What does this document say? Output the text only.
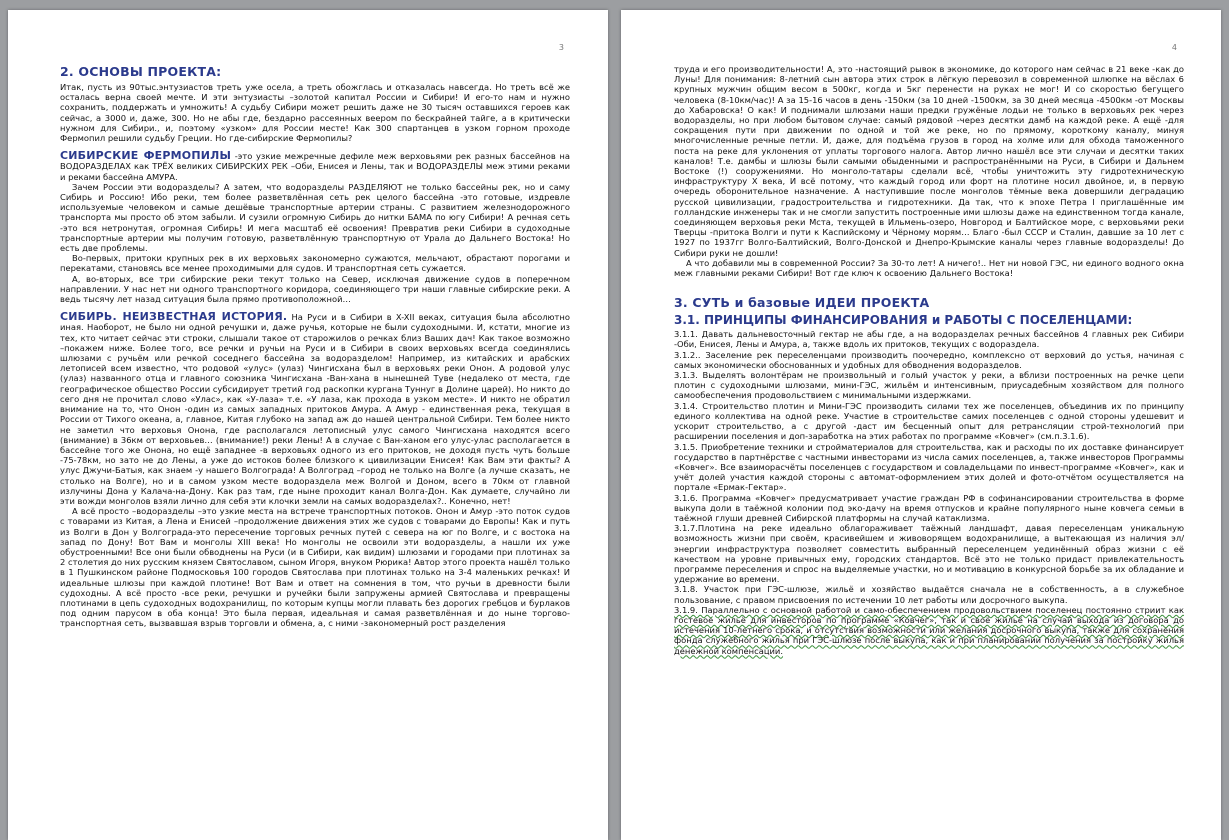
3
2. ОСНОВЫ ПРОЕКТА:

Итак, пусть из 90тыс.энтузиастов треть уже осела, а треть обожглась и отказалась навсегда. Но треть всё же осталась верна своей мечте. И эти энтузиасты –золотой капитал России и Сибири! И его-то нам и нужно сохранить, поддержать и умножить! А судьбу Сибири может решить даже не 30 тысяч оставшихся героев как сейчас, а 3000 и, даже, 300. Но не абы где, бездарно рассеянных веером по бескрайней тайге, а в критически нужном для Сибири., и, поэтому «узком» для России месте! Как 300 спартанцев в узком горном проходе Фермопил решили судьбу Греции. Но где-сибирские Фермопилы?

СИБИРСКИЕ ФЕРМОПИЛЫ -это узкие межречные дефиле меж верховьями рек разных бассейнов на ВОДОРАЗДЕЛАХ как ТРЁХ великих СИБИРСКИХ РЕК –Оби, Енисея и Лены, так и ВОДОРАЗДЕЛЫ меж этими реками и реками бассейна АМУРА.

Зачем России эти водоразделы? А затем, что водоразделы РАЗДЕЛЯЮТ не только бассейны рек, но и саму Сибирь и Россию! Ибо реки, тем более разветвлённая сеть рек целого бассейна -это готовые, издревле используемые человеком и самые дешёвые транспортные артерии страны. С развитием железнодорожного транспорта мы просто об этом забыли. И сузили огромную Сибирь до нитки БАМА по югу Сибири! А речная сеть -это вся нетронутая, огромная Сибирь! И мега масштаб её освоения! Превратив реки Сибири в судоходные транспортные артерии мы получим готовую, разветвлённую транспортную от Урала до Дальнего Востока! Но есть две проблемы.

Во-первых, притоки крупных рек в их верховьях закономерно сужаются, мельчают, обрастают порогами и перекатами, становясь все менее проходимыми для судов. И транспортная сеть сужается.

А, во-вторых, все три сибирские реки текут только на Север, исключая движение судов в поперечном направлении. У нас нет ни одного транспортного коридора, соединяющего три наши главные сибирские реки. А ведь тысячу лет назад ситуация была прямо противоположной…

СИБИРЬ. НЕИЗВЕСТНАЯ ИСТОРИЯ. На Руси и в Сибири в X-XII веках, ситуация была абсолютно иная. Наоборот, не было ни одной речушки и, даже ручья, которые не были судоходными. И, кстати, многие из тех, кто читает сейчас эти строки, слышали такое от старожилов о речках близ Ваших дач! Как такое возможно –покажем ниже. Более того, все речки и ручьи на Руси и в Сибири в своих верховьях всегда соединялись шлюзами с ручьём или речкой соседнего бассейна за водоразделом! Например, из китайских и арабских летописей всем известно, что родовой «улус» (улаз) Чингисхана был в верховьях реки Онон. А родовой улус (улаз) названного отца и главного союзника Чингисхана -Ван-хана в нынешней Туве (недалеко от места, где географическое общество России субсидирует третий год раскопки кургана Туннуг в Долине царей). Но никто до сего дня не прочитал слово «Улас», как «У-лаза» т.е. «У лаза, как прохода в узком месте». И никто не обратил внимание на то, что Онон -один из самых западных притоков Амура. А Амур - единственная река, текущая в России от Тихого океана, а, главное, Китая глубоко на запад аж до нашей центральной Сибири. Тем более никто не заметил что верховья Онона, где располагался летописный улус самого Чингисхана находятся всего (внимание) в 36км от верховьев… (внимание!) реки Лены! А в случае с Ван-ханом его улус-улас располагается в бассейне того же Онона, но ещё западнее -в верховьях одного из его притоков, не доходя пусть чуть больше -75-78км, но зато не до Лены, а уже до истоков более близкого к цивилизации Енисея! Как Вам эти факты? А улус Джучи-Батыя, как знаем -у нашего Волгограда! А Волгоград –город не только на Волге (а лучше сказать, не столько на Волге), но и в самом узком месте водораздела меж Волгой и Доном, всего в 70км от главной излучины Дона у Калача-на-Дону. Как раз там, где ныне проходит канал Волга-Дон. Как думаете, случайно ли эти вожди монголов взяли лично для себя эти клочки земли на самых водоразделах?.. Конечно, нет!

А всё просто –водоразделы –это узкие места на встрече транспортных потоков. Онон и Амур -это поток судов с товарами из Китая, а Лена и Енисей –продолжение движения этих же судов с товарами до Европы! Как и путь из Волги в Дон у Волгограда-это пересечение торговых речных путей с севера на юг по Волге, и с востока на запад по Дону! Вот Вам и монголы XIII века! Но монголы не освоили эти водоразделы, а нашли их уже обустроенными! Все они были обводнены на Руси (и в Сибири, как видим) шлюзами и городами при плотинах за 2 столетия до них русским князем Святославом, сыном Игоря, внуком Рюрика! Автор этого проекта нашёл только в 1 Пушкинском районе Подмосковья 100 городов Святослава при плотинах только на 3-4 маленьких речках! И идеальные шлюзы при каждой плотине! Вот Вам и ответ на сомнения в том, что ручьи в древности были судоходны. А всё просто -все реки, речушки и ручейки были запружены армией Святослава и превращены плотинами в цепь судоходных водохранилищ, по которым купцы могли плавать без дорогих гребцов и бурлаков под одним парусом в оба конца! Это была первая, идеальная и самая разветвлённая и до ныне торгово-транспортная сеть, вызвавшая взрыв торговли и обмена, а, с ними -закономерный рост разделения

4

труда и его производительности! А, это -настоящий рывок в экономике, до которого нам сейчас в 21 веке -как до Луны! Для понимания: 8-летний сын автора этих строк в лёгкую перевозил в современной шлюпке на вёслах 6 крупных мужчин общим весом в 500кг, когда и 5кг перенести на руках не мог! И со скоростью бегущего человека (8-10км/час)! А за 15-16 часов в день -150км (за 10 дней -1500км, за 30 дней месяца -4500км -от Москвы до Хабаровска! О как! И поднимали шлюзами наши предки гружёные лодьи не только в верховьях рек через водоразделы, но при любом бытовом случае: самый рядовой -через десятки дамб на каждой реке. А ещё -для сокращения пути при движении по одной и той же реке, но по прямому, короткому каналу, минуя многочисленные речные петли. И, даже, для подъёма грузов в город на холме или для обхода таможенного поста на реке для уклонения от уплаты торгового налога. Автор лично нашёл все эти случаи и десятки таких каналов! Т.е. дамбы и шлюзы были самыми обыденными и распространёнными на Руси, в Сибири и Дальнем Востоке (!) сооружениями. Но монголо-татары сделали всё, чтобы уничтожить эту гидротехническую инфраструктуру X века, И всё потому, что каждый город или форт на плотине носил двойное, и, в первую очередь оборонительное назначение. А наступившие после монголов тёмные века довершили деградацию русской цивилизации, градостроительства и гидротехники. Да так, что к эпохе Петра I приглашённые им голландские инженеры так и не смогли запустить построенные ими шлюзы даже на единственном тогда канале, соединяющем верховья реки Мста, текущей в Ильмень-озеро, Новгород и Балтийское море, с верховьями реки Тверцы -притока Волги и пути к Каспийскому и Чёрному морям… Благо -был СССР и Сталин, давшие за 10 лет с 1927 по 1937гг Волго-Балтийский, Волго-Донской и Днепро-Крымские каналы через главные водоразделы! До Сибири руки не дошли!

А что добавили мы в современной России? За 30-то лет! А ничего!.. Нет ни новой ГЭС, ни единого водного окна меж главными реками Сибири! Вот где ключ к освоению Дальнего Востока!

3. СУТЬ и базовые ИДЕИ ПРОЕКТА
3.1. ПРИНЦИПЫ ФИНАНСИРОВАНИЯ и РАБОТЫ С ПОСЕЛЕНЦАМИ:

3.1.1. Давать дальневосточный гектар не абы где, а на водоразделах речных бассейнов 4 главных рек Сибири -Оби, Енисея, Лены и Амура, а, также вдоль их притоков, текущих с водораздела.

3.1.2.. Заселение рек переселенцами производить поочередно, комплексно от верховий до устья, начиная с самых экономически обоснованных и удобных для обводнения водоразделов.

3.1.3. Выделять волонтёрам не произвольный и голый участок у реки, а вблизи построенных на речке цепи плотин с судоходными шлюзами, мини-ГЭС, жильём и интенсивным, приусадебным хозяйством для полного самообеспечения продовольствием с минимальными издержками.

3.1.4. Строительство плотин и Мини-ГЭС производить силами тех же поселенцев, объединив их по принципу единого коллектива на одной реке. Участие в строительстве самих поселенцев с одной стороны удешевит и ускорит строительство, а с другой -даст им бесценный опыт для ретрансляции строй-технологий при расширении поселения и доп-заработка на этих работах по программе «Ковчег» (см.п.3.1.6).

3.1.5. Приобретение техники и стройматериалов для строительства, как и расходы по их доставке финансирует государство в партнёрстве с частными инвесторами из числа самих поселенцев, а, также инвесторов Программы «Ковчег». Все взаиморасчёты поселенцев с государством и совладельцами по инвест-программе «Ковчег», как и учёт долей участия каждой стороны с автомат-оформлением этих долей и фото-отчётом осуществляется на портале «Ермак-Гектар».

3.1.6. Программа «Ковчег» предусматривает участие граждан РФ в софинансировании строительства в форме выкупа доли в таёжной колонии под эко-дачу на время отпусков и крайне популярного ныне ковчега семьи в таёжной глуши древней Сибирской платформы на случай катаклизма.

3.1.7.Плотина на реке идеально облагораживает таёжный ландшафт, давая переселенцам уникальную возможность жизни при своём, красивейшем и живоворящем водохранилище, а вытекающая из наличия эл/энергии инфраструктура позволяет совместить выбранный переселенцем уединённый образ жизни с её качеством на уровне привычных ему, городских стандартов. Всё это не только придаст привлекательность программе переселения и спрос на выделяемые участки, но и мотивацию в конкурсной борьбе за их обладание и удержание во времени.

3.1.8. Участок при ГЭС-шлюзе, жильё и хозяйство выдаётся сначала не в собственность, а в служебное пользование, с правом присвоения по истечении 10 лет работы или досрочного выкупа.

3.1.9. Параллельно с основной работой и само-обеспечением продовольствием поселенец постоянно стриит как гостевое жильё для инвесторов по программе «Ковчег», так и своё жильё на случай выхода из договора до истечения 10-летнего срока, и отсутствия возможности или желания досрочного выкупа, также для сохранения фонда служебного жилья при ГЭС-шлюзе после выкупа, как и при планировании получения за постройку жилья денежной компенсации.
